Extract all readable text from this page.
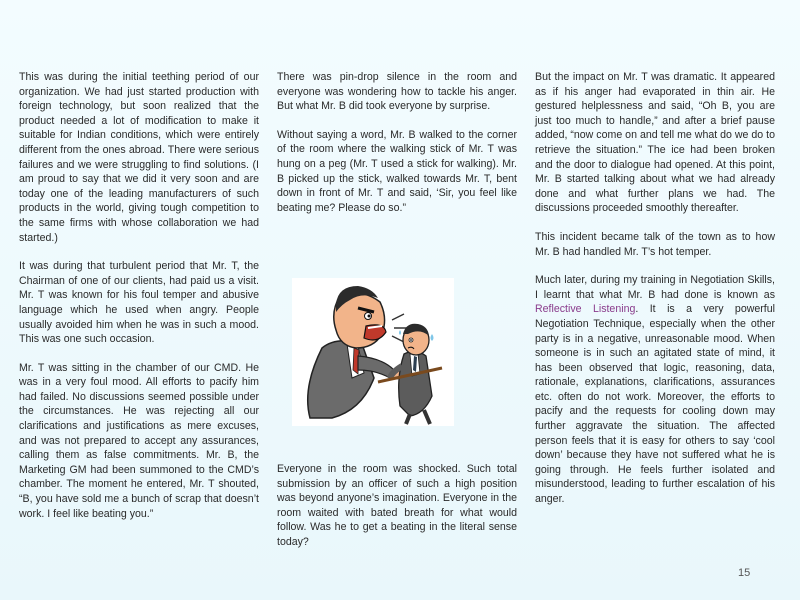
This was during the initial teething period of our organization. We had just started production with foreign technology, but soon realized that the product needed a lot of modification to make it suitable for Indian conditions, which were entirely different from the ones abroad. There were serious failures and we were struggling to find solutions. (I am proud to say that we did it very soon and are today one of the leading manufacturers of such products in the world, giving tough competition to the same firms with whose collaboration we had started.)

It was during that turbulent period that Mr. T, the Chairman of one of our clients, had paid us a visit. Mr. T was known for his foul temper and abusive language which he used when angry. People usually avoided him when he was in such a mood. This was one such occasion.

Mr. T was sitting in the chamber of our CMD. He was in a very foul mood. All efforts to pacify him had failed. No discussions seemed possible under the circumstances. He was rejecting all our clarifications and justifications as mere excuses, and was not prepared to accept any assurances, calling them as false commitments. Mr. B, the Marketing GM had been summoned to the CMD’s chamber. The moment he entered, Mr. T shouted, “B, you have sold me a bunch of scrap that doesn’t work. I feel like beating you.”

There was pin-drop silence in the room and everyone was wondering how to tackle his anger. But what Mr. B did took everyone by surprise.

Without saying a word, Mr. B walked to the corner of the room where the walking stick of Mr. T was hung on a peg (Mr. T used a stick for walking). Mr. B picked up the stick, walked towards Mr. T, bent down in front of Mr. T and said, ‘Sir, you feel like beating me? Please do so.”

Everyone in the room was shocked. Such total submission by an officer of such a high position was beyond anyone’s imagination. Everyone in the room waited with bated breath for what would follow. Was he to get a beating in the literal sense today?

But the impact on Mr. T was dramatic. It appeared as if his anger had evaporated in thin air. He gestured helplessness and said, “Oh B, you are just too much to handle,” and after a brief pause added, “now come on and tell me what do we do to retrieve the situation.” The ice had been broken and the door to dialogue had opened. At this point, Mr. B started talking about what we had already done and what further plans we had. The discussions proceeded smoothly thereafter.

This incident became talk of the town as to how Mr. B had handled Mr. T’s hot temper.

Much later, during my training in Negotiation Skills, I learnt that what Mr. B had done is known as Reflective Listening. It is a very powerful Negotiation Technique, especially when the other party is in a negative, unreasonable mood. When someone is in such an agitated state of mind, it has been observed that logic, reasoning, data, rationale, explanations, clarifications, assurances etc. often do not work. Moreover, the efforts to pacify and the requests for cooling down may further aggravate the situation. The affected person feels that it is easy for others to say ‘cool down’ because they have not suffered what he is going through. He feels further isolated and misunderstood, leading to further escalation of his anger.

15
